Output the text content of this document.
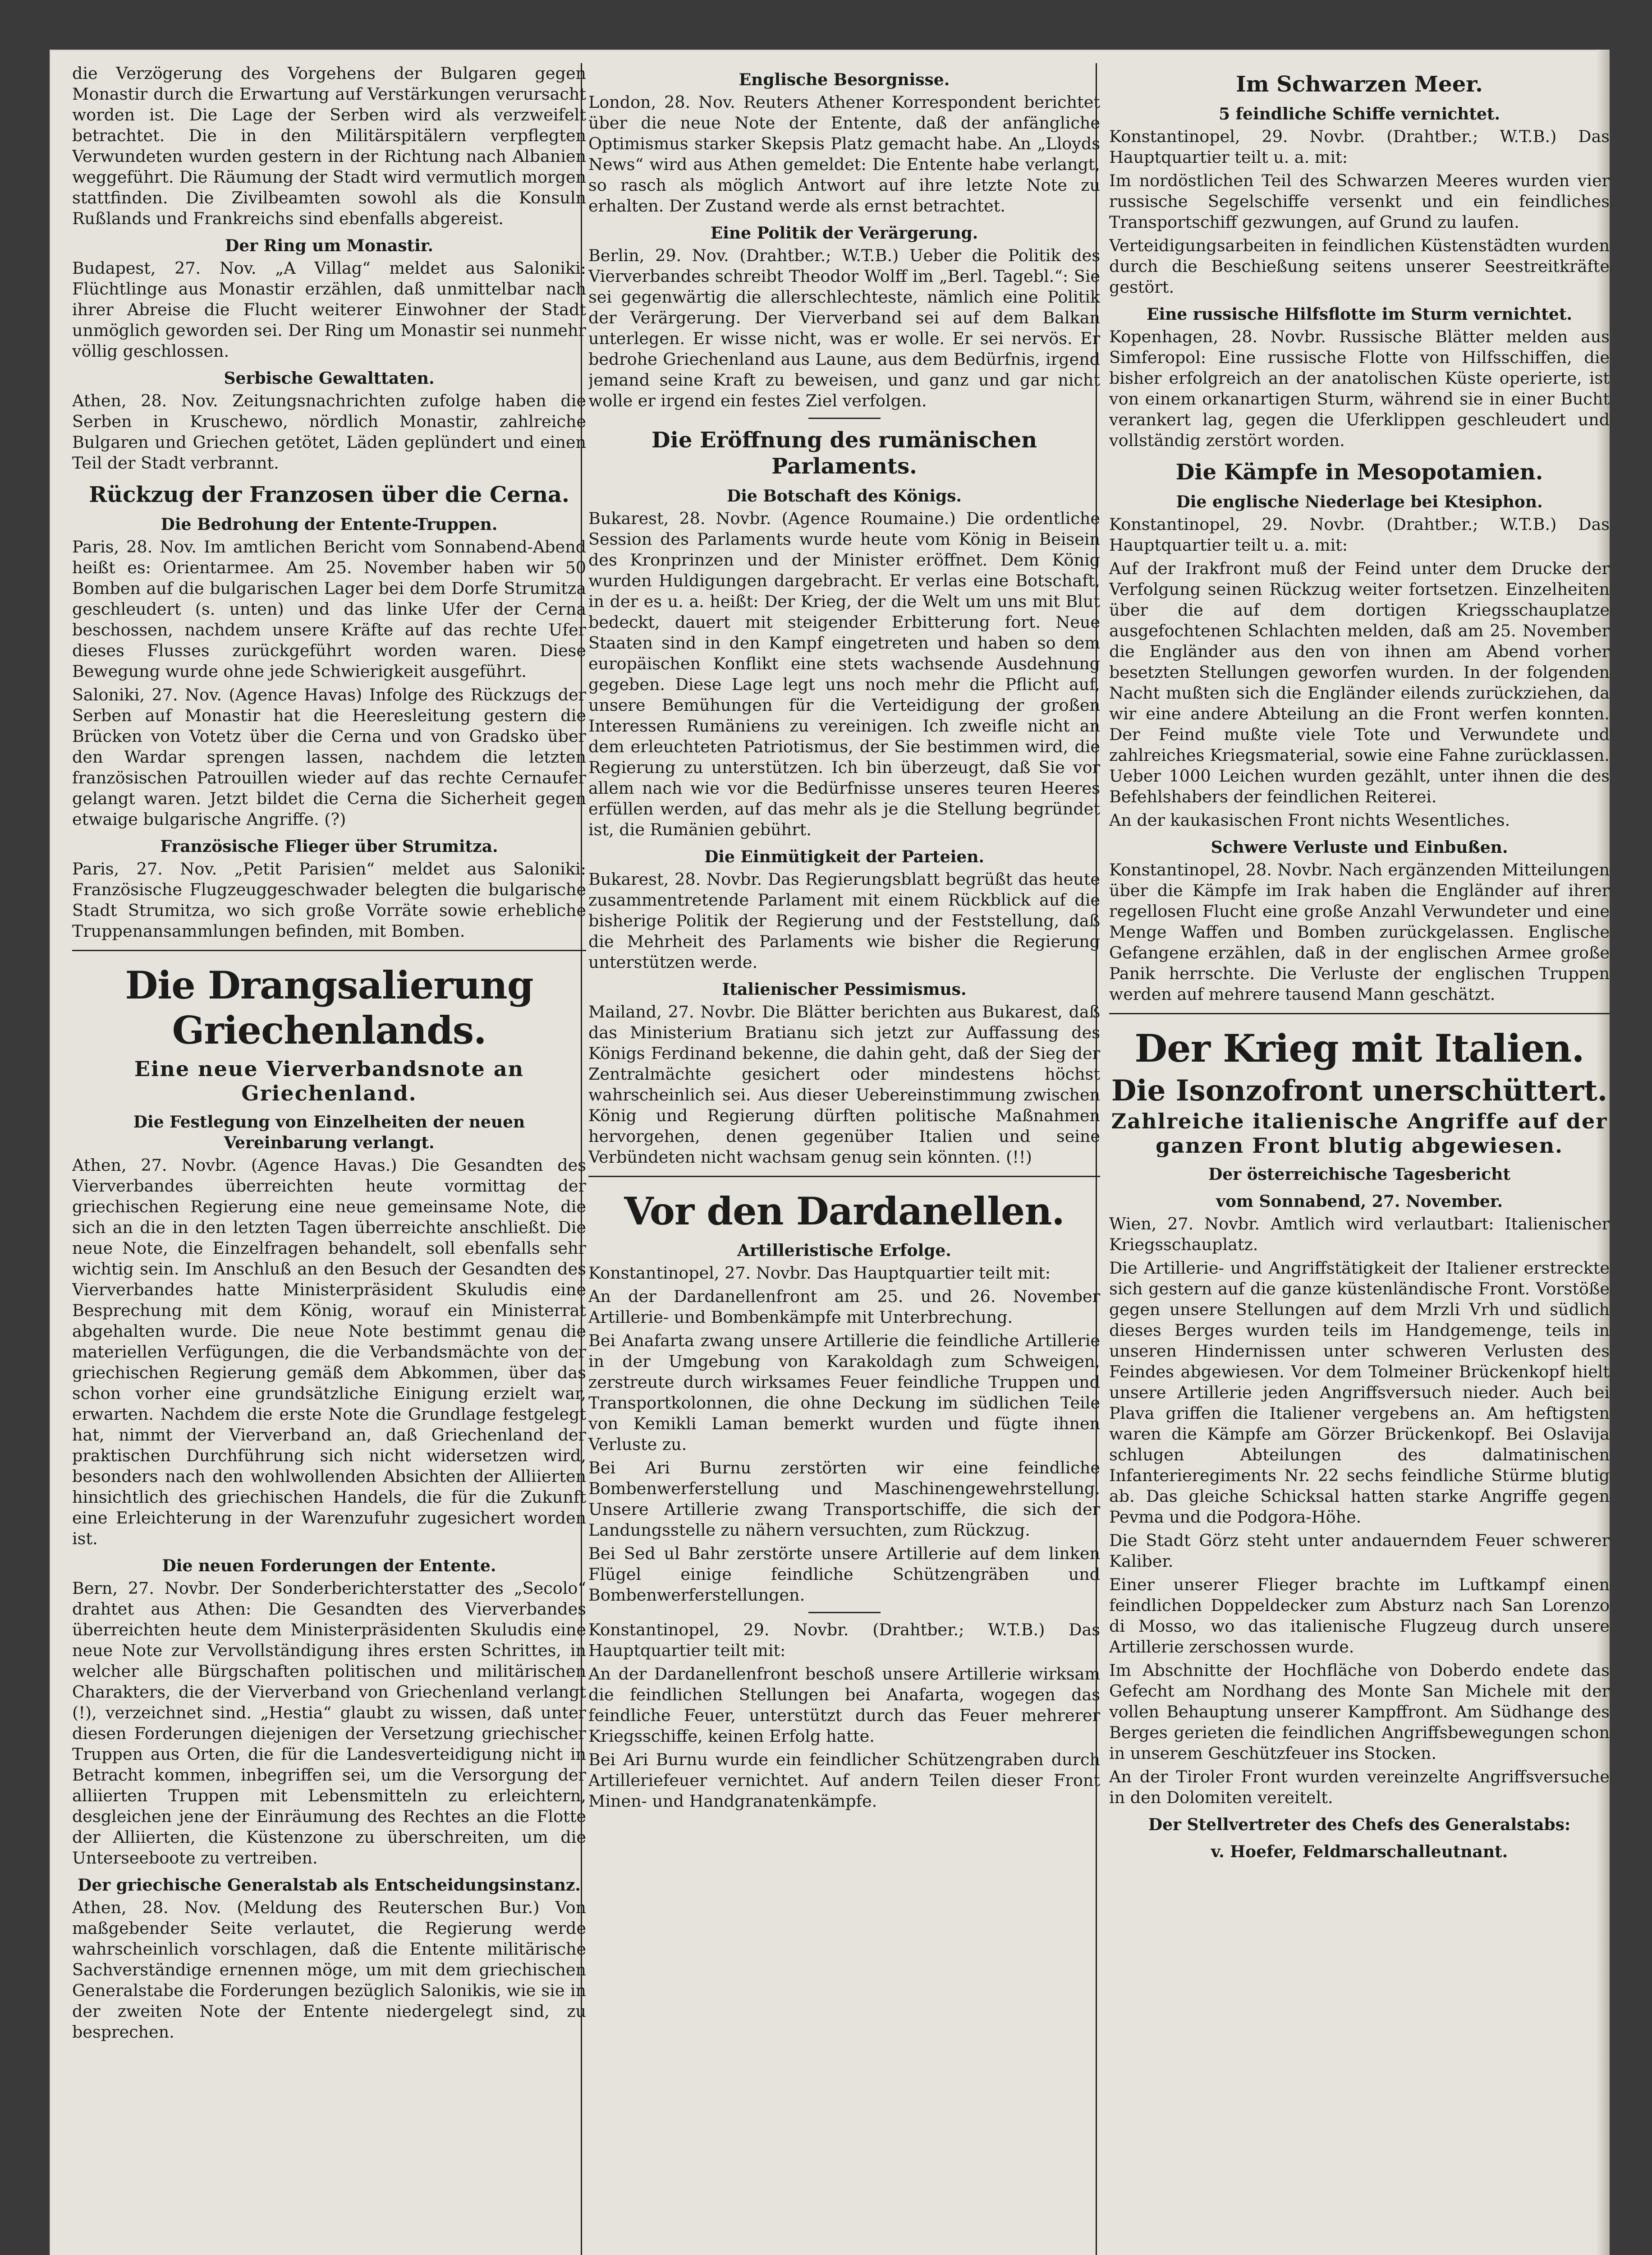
die Verzögerung des Vorgehens der Bulgaren gegen Monastir durch die Erwartung auf Verstärkungen verursacht worden ist. Die Lage der Serben wird als verzweifelt betrachtet. Die in den Militärspitälern verpflegten Verwundeten wurden gestern in der Richtung nach Albanien weggeführt. Die Räumung der Stadt wird vermutlich morgen stattfinden. Die Zivilbeamten sowohl als die Konsuln Rußlands und Frankreichs sind ebenfalls abgereist.

Der Ring um Monastir.

Budapest, 27. Nov. „A Villag“ meldet aus Saloniki: Flüchtlinge aus Monastir erzählen, daß unmittelbar nach ihrer Abreise die Flucht weiterer Einwohner der Stadt unmöglich geworden sei. Der Ring um Monastir sei nunmehr völlig geschlossen.

Serbische Gewalttaten.

Athen, 28. Nov. Zeitungsnachrichten zufolge haben die Serben in Kruschewo, nördlich Monastir, zahlreiche Bulgaren und Griechen getötet, Läden geplündert und einen Teil der Stadt verbrannt.

Rückzug der Franzosen über die Cerna.
Die Bedrohung der Entente-Truppen.

Paris, 28. Nov. Im amtlichen Bericht vom Sonnabend-Abend heißt es: Orientarmee. Am 25. November haben wir 50 Bomben auf die bulgarischen Lager bei dem Dorfe Strumitza geschleudert (s. unten) und das linke Ufer der Cerna beschossen, nachdem unsere Kräfte auf das rechte Ufer dieses Flusses zurückgeführt worden waren. Diese Bewegung wurde ohne jede Schwierigkeit ausgeführt.

Saloniki, 27. Nov. (Agence Havas) Infolge des Rückzugs der Serben auf Monastir hat die Heeresleitung gestern die Brücken von Votetz über die Cerna und von Gradsko über den Wardar sprengen lassen, nachdem die letzten französischen Patrouillen wieder auf das rechte Cernaufer gelangt waren. Jetzt bildet die Cerna die Sicherheit gegen etwaige bulgarische Angriffe. (?)

Französische Flieger über Strumitza.

Paris, 27. Nov. „Petit Parisien“ meldet aus Saloniki: Französische Flugzeuggeschwader belegten die bulgarische Stadt Strumitza, wo sich große Vorräte sowie erhebliche Truppenansammlungen befinden, mit Bomben.

Die Drangsalierung Griechenlands.
Eine neue Vierverbandsnote an Griechenland.
Die Festlegung von Einzelheiten der neuen Vereinbarung verlangt.

Athen, 27. Novbr. (Agence Havas.) Die Gesandten des Vierverbandes überreichten heute vormittag der griechischen Regierung eine neue gemeinsame Note, die sich an die in den letzten Tagen überreichte anschließt. Die neue Note, die Einzelfragen behandelt, soll ebenfalls sehr wichtig sein. Im Anschluß an den Besuch der Gesandten des Vierverbandes hatte Ministerpräsident Skuludis eine Besprechung mit dem König, worauf ein Ministerrat abgehalten wurde. Die neue Note bestimmt genau die materiellen Verfügungen, die die Verbandsmächte von der griechischen Regierung gemäß dem Abkommen, über das schon vorher eine grundsätzliche Einigung erzielt war, erwarten. Nachdem die erste Note die Grundlage festgelegt hat, nimmt der Vierverband an, daß Griechenland der praktischen Durchführung sich nicht widersetzen wird, besonders nach den wohlwollenden Absichten der Alliierten hinsichtlich des griechischen Handels, die für die Zukunft eine Erleichterung in der Warenzufuhr zugesichert worden ist.

Die neuen Forderungen der Entente.

Bern, 27. Novbr. Der Sonderberichterstatter des „Secolo“ drahtet aus Athen: Die Gesandten des Vierverbandes überreichten heute dem Ministerpräsidenten Skuludis eine neue Note zur Vervollständigung ihres ersten Schrittes, in welcher alle Bürgschaften politischen und militärischen Charakters, die der Vierverband von Griechenland verlangt (!), verzeichnet sind. „Hestia“ glaubt zu wissen, daß unter diesen Forderungen diejenigen der Versetzung griechischer Truppen aus Orten, die für die Landesverteidigung nicht in Betracht kommen, inbegriffen sei, um die Versorgung der alliierten Truppen mit Lebensmitteln zu erleichtern, desgleichen jene der Einräumung des Rechtes an die Flotte der Alliierten, die Küstenzone zu überschreiten, um die Unterseeboote zu vertreiben.

Der griechische Generalstab als Entscheidungsinstanz.

Athen, 28. Nov. (Meldung des Reuterschen Bur.) Von maßgebender Seite verlautet, die Regierung werde wahrscheinlich vorschlagen, daß die Entente militärische Sachverständige ernennen möge, um mit dem griechischen Generalstabe die Forderungen bezüglich Salonikis, wie sie in der zweiten Note der Entente niedergelegt sind, zu besprechen.

Englische Besorgnisse.

London, 28. Nov. Reuters Athener Korrespondent berichtet über die neue Note der Entente, daß der anfängliche Optimismus starker Skepsis Platz gemacht habe. An „Lloyds News“ wird aus Athen gemeldet: Die Entente habe verlangt, so rasch als möglich Antwort auf ihre letzte Note zu erhalten. Der Zustand werde als ernst betrachtet.

Eine Politik der Verärgerung.

Berlin, 29. Nov. (Drahtber.; W.T.B.) Ueber die Politik des Vierverbandes schreibt Theodor Wolff im „Berl. Tagebl.“: Sie sei gegenwärtig die allerschlechteste, nämlich eine Politik der Verärgerung. Der Vierverband sei auf dem Balkan unterlegen. Er wisse nicht, was er wolle. Er sei nervös. Er bedrohe Griechenland aus Laune, aus dem Bedürfnis, irgend jemand seine Kraft zu beweisen, und ganz und gar nicht wolle er irgend ein festes Ziel verfolgen.

Die Eröffnung des rumänischen Parlaments.
Die Botschaft des Königs.

Bukarest, 28. Novbr. (Agence Roumaine.) Die ordentliche Session des Parlaments wurde heute vom König in Beisein des Kronprinzen und der Minister eröffnet. Dem König wurden Huldigungen dargebracht. Er verlas eine Botschaft, in der es u. a. heißt: Der Krieg, der die Welt um uns mit Blut bedeckt, dauert mit steigender Erbitterung fort. Neue Staaten sind in den Kampf eingetreten und haben so dem europäischen Konflikt eine stets wachsende Ausdehnung gegeben. Diese Lage legt uns noch mehr die Pflicht auf, unsere Bemühungen für die Verteidigung der großen Interessen Rumäniens zu vereinigen. Ich zweifle nicht an dem erleuchteten Patriotismus, der Sie bestimmen wird, die Regierung zu unterstützen. Ich bin überzeugt, daß Sie vor allem nach wie vor die Bedürfnisse unseres teuren Heeres erfüllen werden, auf das mehr als je die Stellung begründet ist, die Rumänien gebührt.

Die Einmütigkeit der Parteien.

Bukarest, 28. Novbr. Das Regierungsblatt begrüßt das heute zusammentretende Parlament mit einem Rückblick auf die bisherige Politik der Regierung und der Feststellung, daß die Mehrheit des Parlaments wie bisher die Regierung unterstützen werde.

Italienischer Pessimismus.

Mailand, 27. Novbr. Die Blätter berichten aus Bukarest, daß das Ministerium Bratianu sich jetzt zur Auffassung des Königs Ferdinand bekenne, die dahin geht, daß der Sieg der Zentralmächte gesichert oder mindestens höchst wahrscheinlich sei. Aus dieser Uebereinstimmung zwischen König und Regierung dürften politische Maßnahmen hervorgehen, denen gegenüber Italien und seine Verbündeten nicht wachsam genug sein könnten. (!!)

Vor den Dardanellen.
Artilleristische Erfolge.

Konstantinopel, 27. Novbr. Das Hauptquartier teilt mit:

An der Dardanellenfront am 25. und 26. November Artillerie- und Bombenkämpfe mit Unterbrechung.

Bei Anafarta zwang unsere Artillerie die feindliche Artillerie in der Umgebung von Karakoldagh zum Schweigen, zerstreute durch wirksames Feuer feindliche Truppen und Transportkolonnen, die ohne Deckung im südlichen Teile von Kemikli Laman bemerkt wurden und fügte ihnen Verluste zu.

Bei Ari Burnu zerstörten wir eine feindliche Bombenwerferstellung und Maschinengewehrstellung. Unsere Artillerie zwang Transportschiffe, die sich der Landungsstelle zu nähern versuchten, zum Rückzug.

Bei Sed ul Bahr zerstörte unsere Artillerie auf dem linken Flügel einige feindliche Schützengräben und Bombenwerferstellungen.

Konstantinopel, 29. Novbr. (Drahtber.; W.T.B.) Das Hauptquartier teilt mit:

An der Dardanellenfront beschoß unsere Artillerie wirksam die feindlichen Stellungen bei Anafarta, wogegen das feindliche Feuer, unterstützt durch das Feuer mehrerer Kriegsschiffe, keinen Erfolg hatte.

Bei Ari Burnu wurde ein feindlicher Schützengraben durch Artilleriefeuer vernichtet. Auf andern Teilen dieser Front Minen- und Handgranatenkämpfe.

Im Schwarzen Meer.
5 feindliche Schiffe vernichtet.

Konstantinopel, 29. Novbr. (Drahtber.; W.T.B.) Das Hauptquartier teilt u. a. mit:

Im nordöstlichen Teil des Schwarzen Meeres wurden vier russische Segelschiffe versenkt und ein feindliches Transportschiff gezwungen, auf Grund zu laufen.

Verteidigungsarbeiten in feindlichen Küstenstädten wurden durch die Beschießung seitens unserer Seestreitkräfte gestört.

Eine russische Hilfsflotte im Sturm vernichtet.

Kopenhagen, 28. Novbr. Russische Blätter melden aus Simferopol: Eine russische Flotte von Hilfsschiffen, die bisher erfolgreich an der anatolischen Küste operierte, ist von einem orkanartigen Sturm, während sie in einer Bucht verankert lag, gegen die Uferklippen geschleudert und vollständig zerstört worden.

Die Kämpfe in Mesopotamien.
Die englische Niederlage bei Ktesiphon.

Konstantinopel, 29. Novbr. (Drahtber.; W.T.B.) Das Hauptquartier teilt u. a. mit:

Auf der Irakfront muß der Feind unter dem Drucke der Verfolgung seinen Rückzug weiter fortsetzen. Einzelheiten über die auf dem dortigen Kriegsschauplatze ausgefochtenen Schlachten melden, daß am 25. November die Engländer aus den von ihnen am Abend vorher besetzten Stellungen geworfen wurden. In der folgenden Nacht mußten sich die Engländer eilends zurückziehen, da wir eine andere Abteilung an die Front werfen konnten. Der Feind mußte viele Tote und Verwundete und zahlreiches Kriegsmaterial, sowie eine Fahne zurücklassen. Ueber 1000 Leichen wurden gezählt, unter ihnen die des Befehlshabers der feindlichen Reiterei.

An der kaukasischen Front nichts Wesentliches.

Schwere Verluste und Einbußen.

Konstantinopel, 28. Novbr. Nach ergänzenden Mitteilungen über die Kämpfe im Irak haben die Engländer auf ihrer regellosen Flucht eine große Anzahl Verwundeter und eine Menge Waffen und Bomben zurückgelassen. Englische Gefangene erzählen, daß in der englischen Armee große Panik herrschte. Die Verluste der englischen Truppen werden auf mehrere tausend Mann geschätzt.

Der Krieg mit Italien.
Die Isonzofront unerschüttert.
Zahlreiche italienische Angriffe auf der ganzen Front blutig abgewiesen.
Der österreichische Tagesbericht
vom Sonnabend, 27. November.

Wien, 27. Novbr. Amtlich wird verlautbart: Italienischer Kriegsschauplatz.

Die Artillerie- und Angriffstätigkeit der Italiener erstreckte sich gestern auf die ganze küstenländische Front. Vorstöße gegen unsere Stellungen auf dem Mrzli Vrh und südlich dieses Berges wurden teils im Handgemenge, teils in unseren Hindernissen unter schweren Verlusten des Feindes abgewiesen. Vor dem Tolmeiner Brückenkopf hielt unsere Artillerie jeden Angriffsversuch nieder. Auch bei Plava griffen die Italiener vergebens an. Am heftigsten waren die Kämpfe am Görzer Brückenkopf. Bei Oslavija schlugen Abteilungen des dalmatinischen Infanterieregiments Nr. 22 sechs feindliche Stürme blutig ab. Das gleiche Schicksal hatten starke Angriffe gegen Pevma und die Podgora-Höhe.

Die Stadt Görz steht unter andauerndem Feuer schwerer Kaliber.

Einer unserer Flieger brachte im Luftkampf einen feindlichen Doppeldecker zum Absturz nach San Lorenzo di Mosso, wo das italienische Flugzeug durch unsere Artillerie zerschossen wurde.

Im Abschnitte der Hochfläche von Doberdo endete das Gefecht am Nordhang des Monte San Michele mit der vollen Behauptung unserer Kampffront. Am Südhange des Berges gerieten die feindlichen Angriffsbewegungen schon in unserem Geschützfeuer ins Stocken.

An der Tiroler Front wurden vereinzelte Angriffsversuche in den Dolomiten vereitelt.

Der Stellvertreter des Chefs des Generalstabs:
v. Hoefer, Feldmarschalleutnant.
